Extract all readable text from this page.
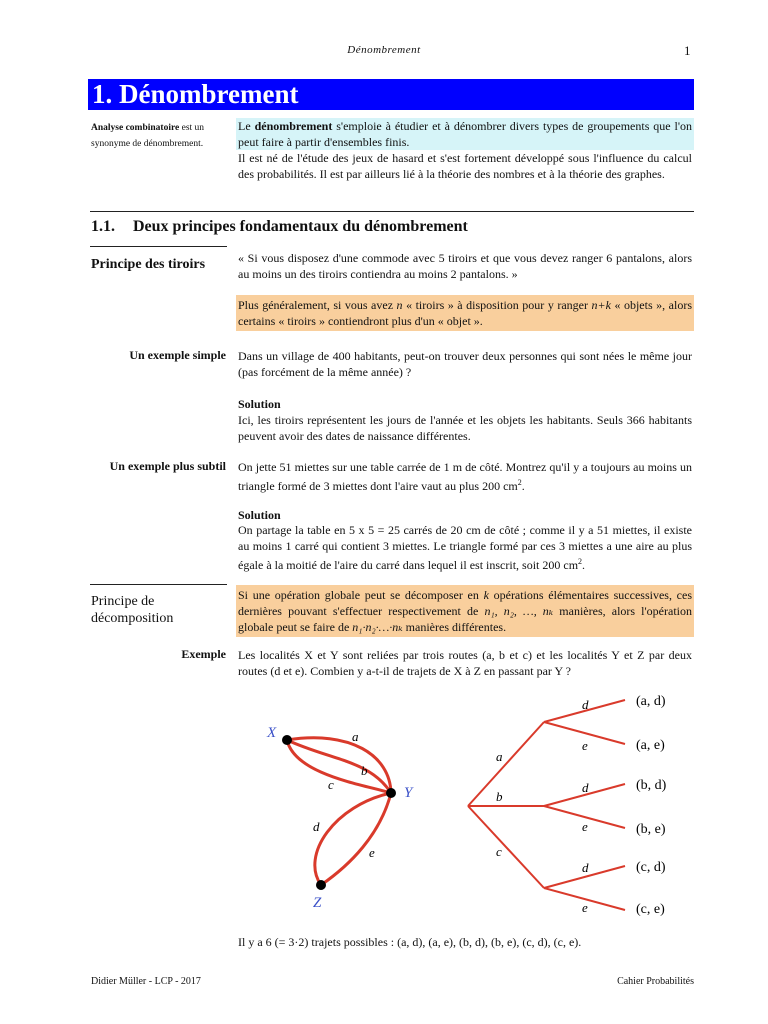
Dénombrement	1
1. Dénombrement
Analyse combinatoire est un synonyme de dénombrement.
Le dénombrement s'emploie à étudier et à dénombrer divers types de groupements que l'on peut faire à partir d'ensembles finis.
Il est né de l'étude des jeux de hasard et s'est fortement développé sous l'influence du calcul des probabilités. Il est par ailleurs lié à la théorie des nombres et à la théorie des graphes.
1.1. Deux principes fondamentaux du dénombrement
Principe des tiroirs	« Si vous disposez d'une commode avec 5 tiroirs et que vous devez ranger 6 pantalons, alors au moins un des tiroirs contiendra au moins 2 pantalons. »
Plus généralement, si vous avez n « tiroirs » à disposition pour y ranger n+k « objets », alors certains « tiroirs » contiendront plus d'un « objet ».
Un exemple simple Dans un village de 400 habitants, peut-on trouver deux personnes qui sont nées le même jour (pas forcément de la même année) ?
Solution
Ici, les tiroirs représentent les jours de l'année et les objets les habitants. Seuls 366 habitants peuvent avoir des dates de naissance différentes.
Un exemple plus subtil On jette 51 miettes sur une table carrée de 1 m de côté. Montrez qu'il y a toujours au moins un triangle formé de 3 miettes dont l'aire vaut au plus 200 $cm^2$.
Solution
On partage la table en 5 x 5 = 25 carrés de 20 cm de côté ; comme il y a 51 miettes, il existe au moins 1 carré qui contient 3 miettes. Le triangle formé par ces 3 miettes a une aire au plus égale à la moitié de l'aire du carré dans lequel il est inscrit, soit 200 $cm^2$.
Principe de
décomposition
Si une opération globale peut se décomposer en k opérations élémentaires successives, ces dernières pouvant s'effectuer respectivement de n₁, n₂, …, nₖ manières, alors l'opération globale peut se faire de n₁·n₂·…·nₖ manières différentes.
Exemple Les localités X et Y sont reliées par trois routes (a, b et c) et les localités Y et Z par deux routes (d et e). Combien y a-t-il de trajets de X à Z en passant par Y ?
X
Y
Z
a
b
c
d
e
a
b
c
d
e
d
e
d
e
(a, d)
(a, e)
(b, d)
(b, e)
(c, d)
(c, e)
Il y a 6 (= 3·2) trajets possibles : (a, d), (a, e), (b, d), (b, e), (c, d), (c, e).
Didier Müller - LCP - 2017	Cahier Probabilités
